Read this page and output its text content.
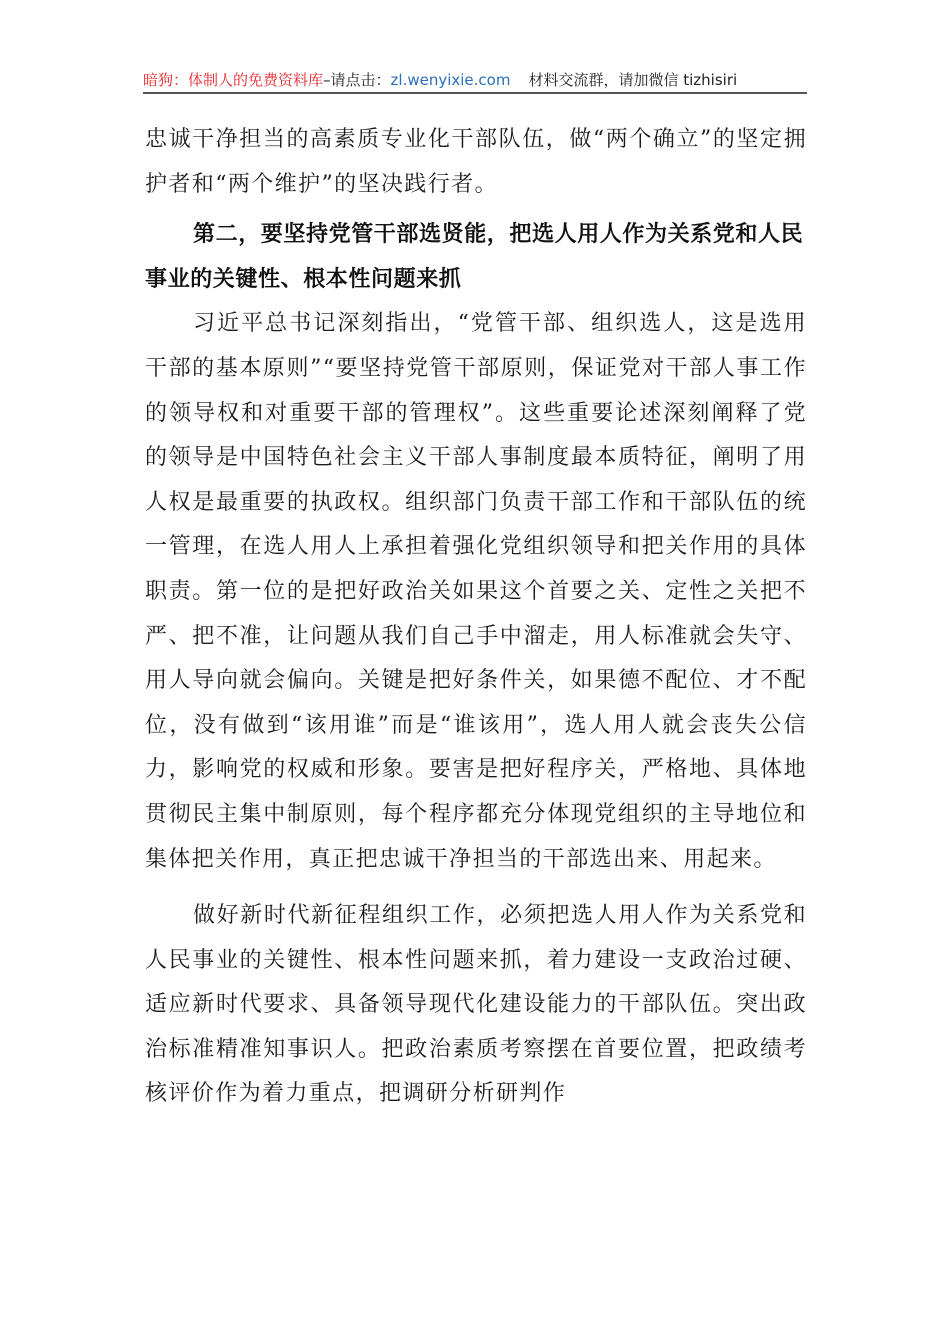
暗狗：体制人的免费资料库 –请点击： zl.wenyixie.com 材料交流群，请加微信 tizhisiri

忠诚干净担当的高素质专业化干部队伍，做“两个确立”的坚定拥护者和“两个维护”的坚决践行者。

第二，要坚持党管干部选贤能，把选人用人作为关系党和人民事业的关键性、根本性问题来抓

习近平总书记深刻指出，“党管干部、组织选人，这是选用干部的基本原则”“要坚持党管干部原则，保证党对干部人事工作的领导权和对重要干部的管理权”。这些重要论述深刻阐释了党的领导是中国特色社会主义干部人事制度最本质特征，阐明了用人权是最重要的执政权。组织部门负责干部工作和干部队伍的统一管理，在选人用人上承担着强化党组织领导和把关作用的具体职责。第一位的是把好政治关如果这个首要之关、定性之关把不严、把不准，让问题从我们自己手中溜走，用人标准就会失守、用人导向就会偏向。关键是把好条件关，如果德不配位、才不配位，没有做到“该用谁”而是“谁该用”，选人用人就会丧失公信力，影响党的权威和形象。要害是把好程序关，严格地、具体地贯彻民主集中制原则，每个程序都充分体现党组织的主导地位和集体把关作用，真正把忠诚干净担当的干部选出来、用起来。

做好新时代新征程组织工作，必须把选人用人作为关系党和人民事业的关键性、根本性问题来抓，着力建设一支政治过硬、适应新时代要求、具备领导现代化建设能力的干部队伍。突出政治标准精准知事识人。把政治素质考察摆在首要位置，把政绩考核评价作为着力重点，把调研分析研判作
